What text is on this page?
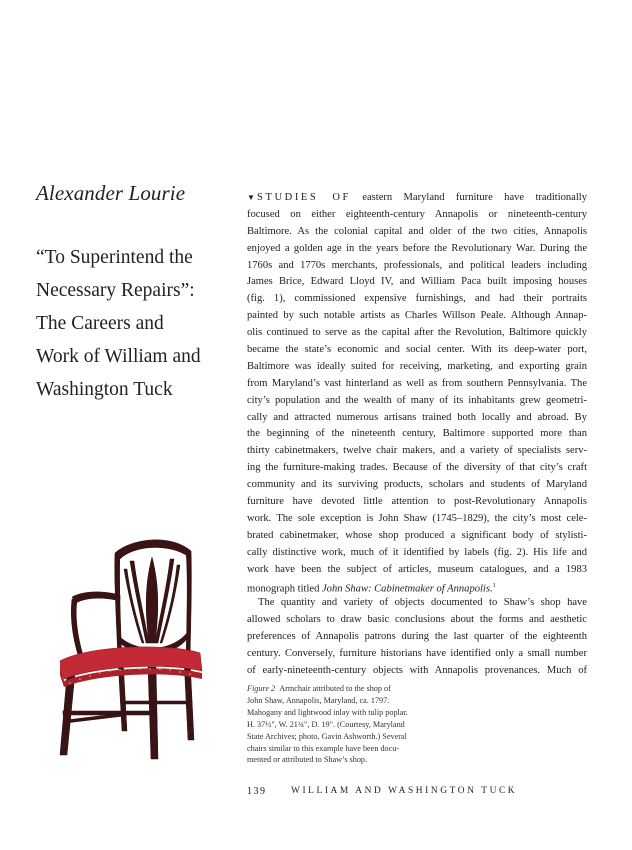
Alexander Lourie
“To Superintend the
Necessary Repairs”:
The Careers and
Work of William and
Washington Tuck
▼ STUDIES OF eastern Maryland furniture have traditionally
focused on either eighteenth-century Annapolis or nineteenth-century
Baltimore. As the colonial capital and older of the two cities, Annapolis
enjoyed a golden age in the years before the Revolutionary War. During the
1760s and 1770s merchants, professionals, and political leaders including
James Brice, Edward Lloyd IV, and William Paca built imposing houses
(fig. 1), commissioned expensive furnishings, and had their portraits
painted by such notable artists as Charles Willson Peale. Although Annap-
olis continued to serve as the capital after the Revolution, Baltimore quickly
became the state’s economic and social center. With its deep-water port,
Baltimore was ideally suited for receiving, marketing, and exporting grain
from Maryland’s vast hinterland as well as from southern Pennsylvania. The
city’s population and the wealth of many of its inhabitants grew geometri-
cally and attracted numerous artisans trained both locally and abroad. By
the beginning of the nineteenth century, Baltimore supported more than
thirty cabinetmakers, twelve chair makers, and a variety of specialists serv-
ing the furniture-making trades. Because of the diversity of that city’s craft
community and its surviving products, scholars and students of Maryland
furniture have devoted little attention to post-Revolutionary Annapolis
work. The sole exception is John Shaw (1745–1829), the city’s most cele-
brated cabinetmaker, whose shop produced a significant body of stylisti-
cally distinctive work, much of it identified by labels (fig. 2). His life and
work have been the subject of articles, museum catalogues, and a 1983
monograph titled John Shaw: Cabinetmaker of Annapolis.$^1$
The quantity and variety of objects documented to Shaw’s shop have
allowed scholars to draw basic conclusions about the forms and aesthetic
preferences of Annapolis patrons during the last quarter of the eighteenth
century. Conversely, furniture historians have identified only a small number
of early-nineteenth-century objects with Annapolis provenances. Much of
Figure 2 Armchair attributed to the shop of
John Shaw, Annapolis, Maryland, ca. 1797.
Mahogany and lightwood inlay with tulip poplar.
H. 37½", W. 21¾", D. 19". (Courtesy, Maryland
State Archives; photo, Gavin Ashworth.) Several
chairs similar to this example have been docu-
mented or attributed to Shaw’s shop.
139	WILLIAM AND WASHINGTON TUCK
